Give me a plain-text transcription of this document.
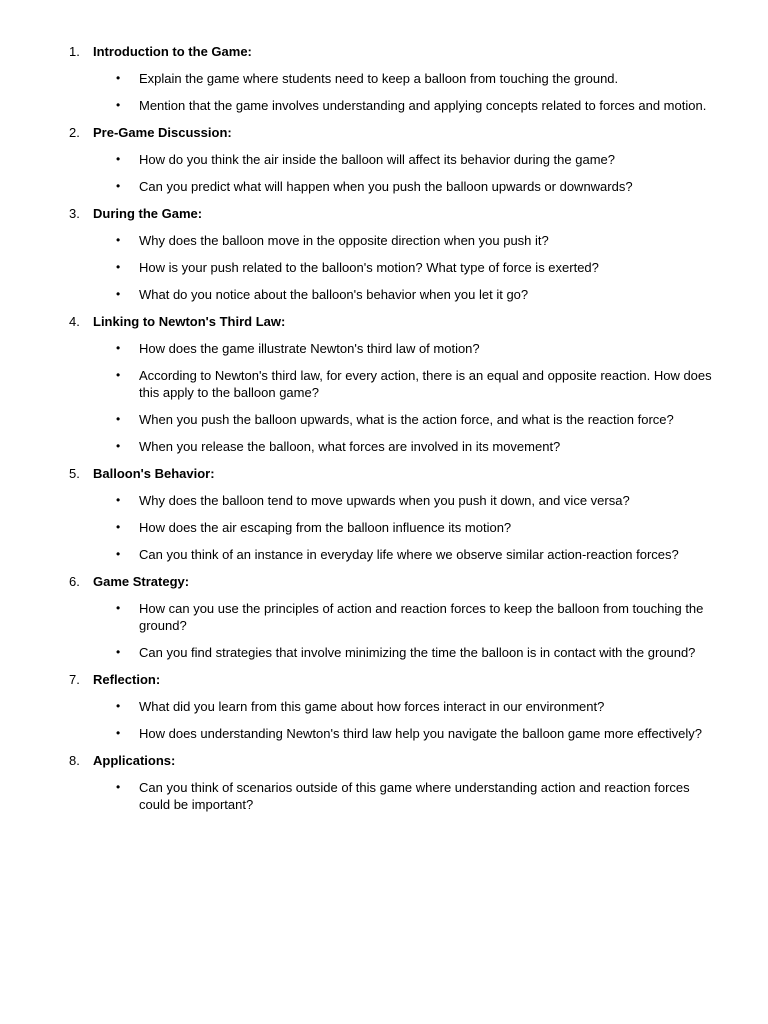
1. Introduction to the Game:
• Explain the game where students need to keep a balloon from touching the ground.
• Mention that the game involves understanding and applying concepts related to forces and motion.
2. Pre-Game Discussion:
• How do you think the air inside the balloon will affect its behavior during the game?
• Can you predict what will happen when you push the balloon upwards or downwards?
3. During the Game:
• Why does the balloon move in the opposite direction when you push it?
• How is your push related to the balloon's motion? What type of force is exerted?
• What do you notice about the balloon's behavior when you let it go?
4. Linking to Newton's Third Law:
• How does the game illustrate Newton's third law of motion?
• According to Newton's third law, for every action, there is an equal and opposite reaction. How does this apply to the balloon game?
• When you push the balloon upwards, what is the action force, and what is the reaction force?
• When you release the balloon, what forces are involved in its movement?
5. Balloon's Behavior:
• Why does the balloon tend to move upwards when you push it down, and vice versa?
• How does the air escaping from the balloon influence its motion?
• Can you think of an instance in everyday life where we observe similar action-reaction forces?
6. Game Strategy:
• How can you use the principles of action and reaction forces to keep the balloon from touching the ground?
• Can you find strategies that involve minimizing the time the balloon is in contact with the ground?
7. Reflection:
• What did you learn from this game about how forces interact in our environment?
• How does understanding Newton's third law help you navigate the balloon game more effectively?
8. Applications:
• Can you think of scenarios outside of this game where understanding action and reaction forces could be important?
